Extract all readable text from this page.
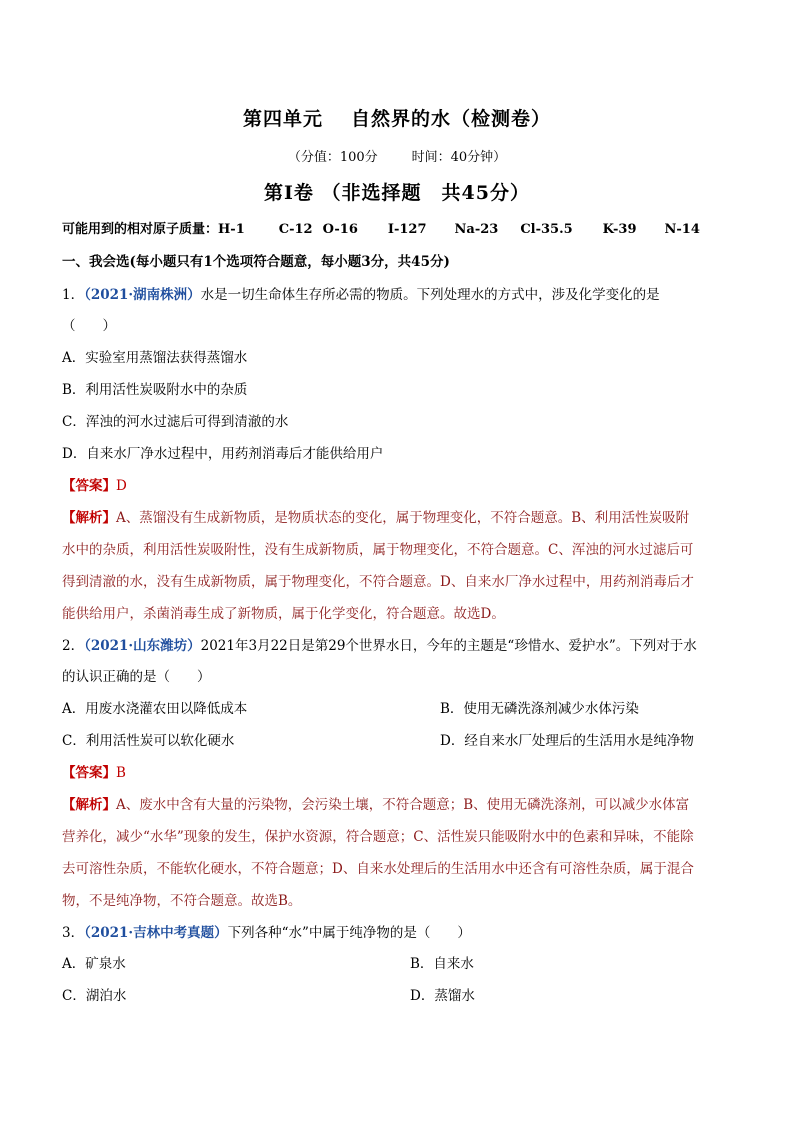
第四单元 自然界的水（检测卷）
（分值：100分	时间：40分钟）
第Ⅰ卷 （非选择题 共45分）
可能用到的相对原子质量：H-1	C-12 O-16 I-127 Na-23 Cl-35.5 K-39 N-14
一、我会选(每小题只有1个选项符合题意，每小题3分，共45分)
1．（2021·湖南株洲）水是一切生命体生存所必需的物质。下列处理水的方式中，涉及化学变化的是
（　　）
A．实验室用蒸馏法获得蒸馏水
B．利用活性炭吸附水中的杂质
C．浑浊的河水过滤后可得到清澈的水
D．自来水厂净水过程中，用药剂消毒后才能供给用户
【答案】D
【解析】A、蒸馏没有生成新物质，是物质状态的变化，属于物理变化，不符合题意。B、利用活性炭吸附
水中的杂质，利用活性炭吸附性，没有生成新物质，属于物理变化，不符合题意。C、浑浊的河水过滤后可
得到清澈的水，没有生成新物质，属于物理变化，不符合题意。D、自来水厂净水过程中，用药剂消毒后才
能供给用户，杀菌消毒生成了新物质，属于化学变化，符合题意。故选D。
2．（2021·山东潍坊）2021年3月22日是第29个世界水日，今年的主题是“珍惜水、爱护水”。下列对于水
的认识正确的是（　　）
A．用废水浇灌农田以降低成本	B．使用无磷洗涤剂减少水体污染
C．利用活性炭可以软化硬水	D．经自来水厂处理后的生活用水是纯净物
【答案】B
【解析】A、废水中含有大量的污染物，会污染土壤，不符合题意；B、使用无磷洗涤剂，可以减少水体富
营养化，减少“水华”现象的发生，保护水资源，符合题意；C、活性炭只能吸附水中的色素和异味，不能除
去可溶性杂质，不能软化硬水，不符合题意；D、自来水处理后的生活用水中还含有可溶性杂质，属于混合
物，不是纯净物，不符合题意。故选B。
3．（2021·吉林中考真题）下列各种“水”中属于纯净物的是（　　）
A．矿泉水	B．自来水
C．湖泊水	D．蒸馏水
